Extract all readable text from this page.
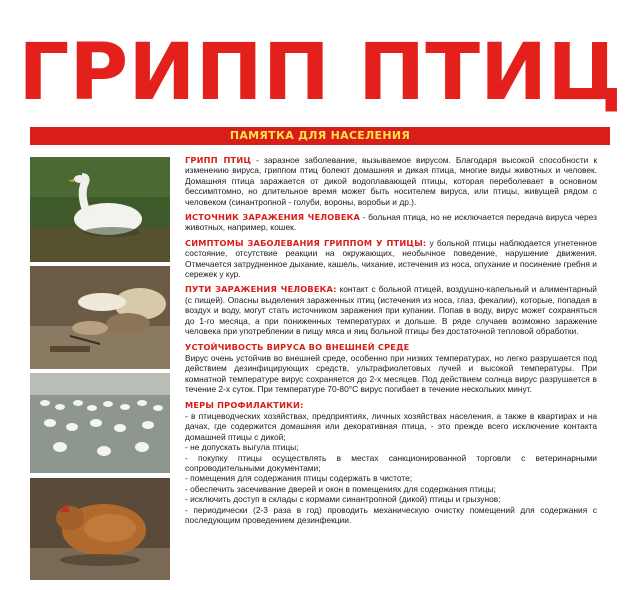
ГРИПП ПТИЦ
ПАМЯТКА ДЛЯ НАСЕЛЕНИЯ

ГРИПП ПТИЦ - заразное заболевание, вызываемое вирусом. Благодаря высокой способности к изменению вируса, гриппом птиц болеют домашняя и дикая птица, многие виды животных и человек. Домашняя птица заражается от дикой водоплавающей птицы, которая переболевает в основном бессимптомно, но длительное время может быть носителем вируса, или птицы, живущей рядом с человеком (синантропной - голуби, вороны, воробьи и др.).

ИСТОЧНИК ЗАРАЖЕНИЯ ЧЕЛОВЕКА - больная птица, но не исключается передача вируса через животных, например, кошек.

СИМПТОМЫ ЗАБОЛЕВАНИЯ ГРИППОМ У ПТИЦЫ: у больной птицы наблюдается угнетенное состояние, отсутствие реакции на окружающих, необычное поведение, нарушение движения. Отмечается затрудненное дыхание, кашель, чихание, истечения из носа, опухание и посинение гребня и сережек у кур.

ПУТИ ЗАРАЖЕНИЯ ЧЕЛОВЕКА: контакт с больной птицей, воздушно-капельный и алиментарный (с пищей). Опасны выделения зараженных птиц (истечения из носа, глаз, фекалии), которые, попадая в воздух и воду, могут стать источником заражения при купании. Попав в воду, вирус может сохраняться до 1-го месяца, а при пониженных температурах и дольше. В ряде случаев возможно заражение человека при употреблении в пищу мяса и яиц больной птицы без достаточной тепловой обработки.

УСТОЙЧИВОСТЬ ВИРУСА ВО ВНЕШНЕЙ СРЕДЕ
Вирус очень устойчив во внешней среде, особенно при низких температурах, но легко разрушается под действием дезинфицирующих средств, ультрафиолетовых лучей и высокой температуры. При комнатной температуре вирус сохраняется до 2-х месяцев. Под действием солнца вирус разрушается в течение 2-х суток. При температуре 70-80°С вирус погибает в течение нескольких минут.

МЕРЫ ПРОФИЛАКТИКИ:
- в птицеводческих хозяйствах, предприятиях, личных хозяйствах населения, а также в квартирах и на дачах, где содержится домашняя или декоративная птица, - это прежде всего исключение контакта домашней птицы с дикой;
- не допускать выгула птицы;
- покупку птицы осуществлять в местах санкционированной торговли с ветеринарными сопроводительными документами;
- помещения для содержания птицы содержать в чистоте;
- обеспечить засечивание дверей и окон в помещениях для содержания птицы;
- исключить доступ в склады с кормами синантропной (дикой) птицы и грызунов;
- периодически (2-3 раза в год) проводить механическую очистку помещений для содержания с последующим проведением дезинфекции.
